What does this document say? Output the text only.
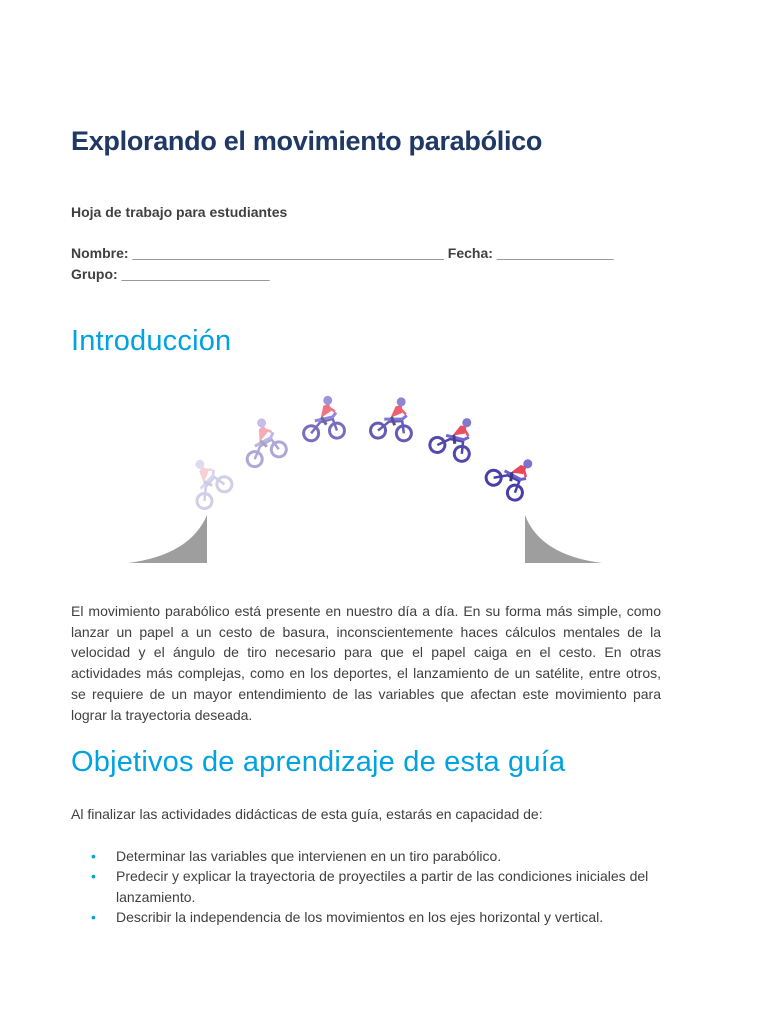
Explorando el movimiento parabólico
Hoja de trabajo para estudiantes
Nombre: ________________________________________ Fecha: _______________
Grupo: ___________________
Introducción
El movimiento parabólico está presente en nuestro día a día. En su forma más simple, como lanzar un papel a un cesto de basura, inconscientemente haces cálculos mentales de la velocidad y el ángulo de tiro necesario para que el papel caiga en el cesto. En otras actividades más complejas, como en los deportes, el lanzamiento de un satélite, entre otros, se requiere de un mayor entendimiento de las variables que afectan este movimiento para lograr la trayectoria deseada.
Objetivos de aprendizaje de esta guía
Al finalizar las actividades didácticas de esta guía, estarás en capacidad de:
• Determinar las variables que intervienen en un tiro parabólico.
• Predecir y explicar la trayectoria de proyectiles a partir de las condiciones iniciales del lanzamiento.
• Describir la independencia de los movimientos en los ejes horizontal y vertical.
